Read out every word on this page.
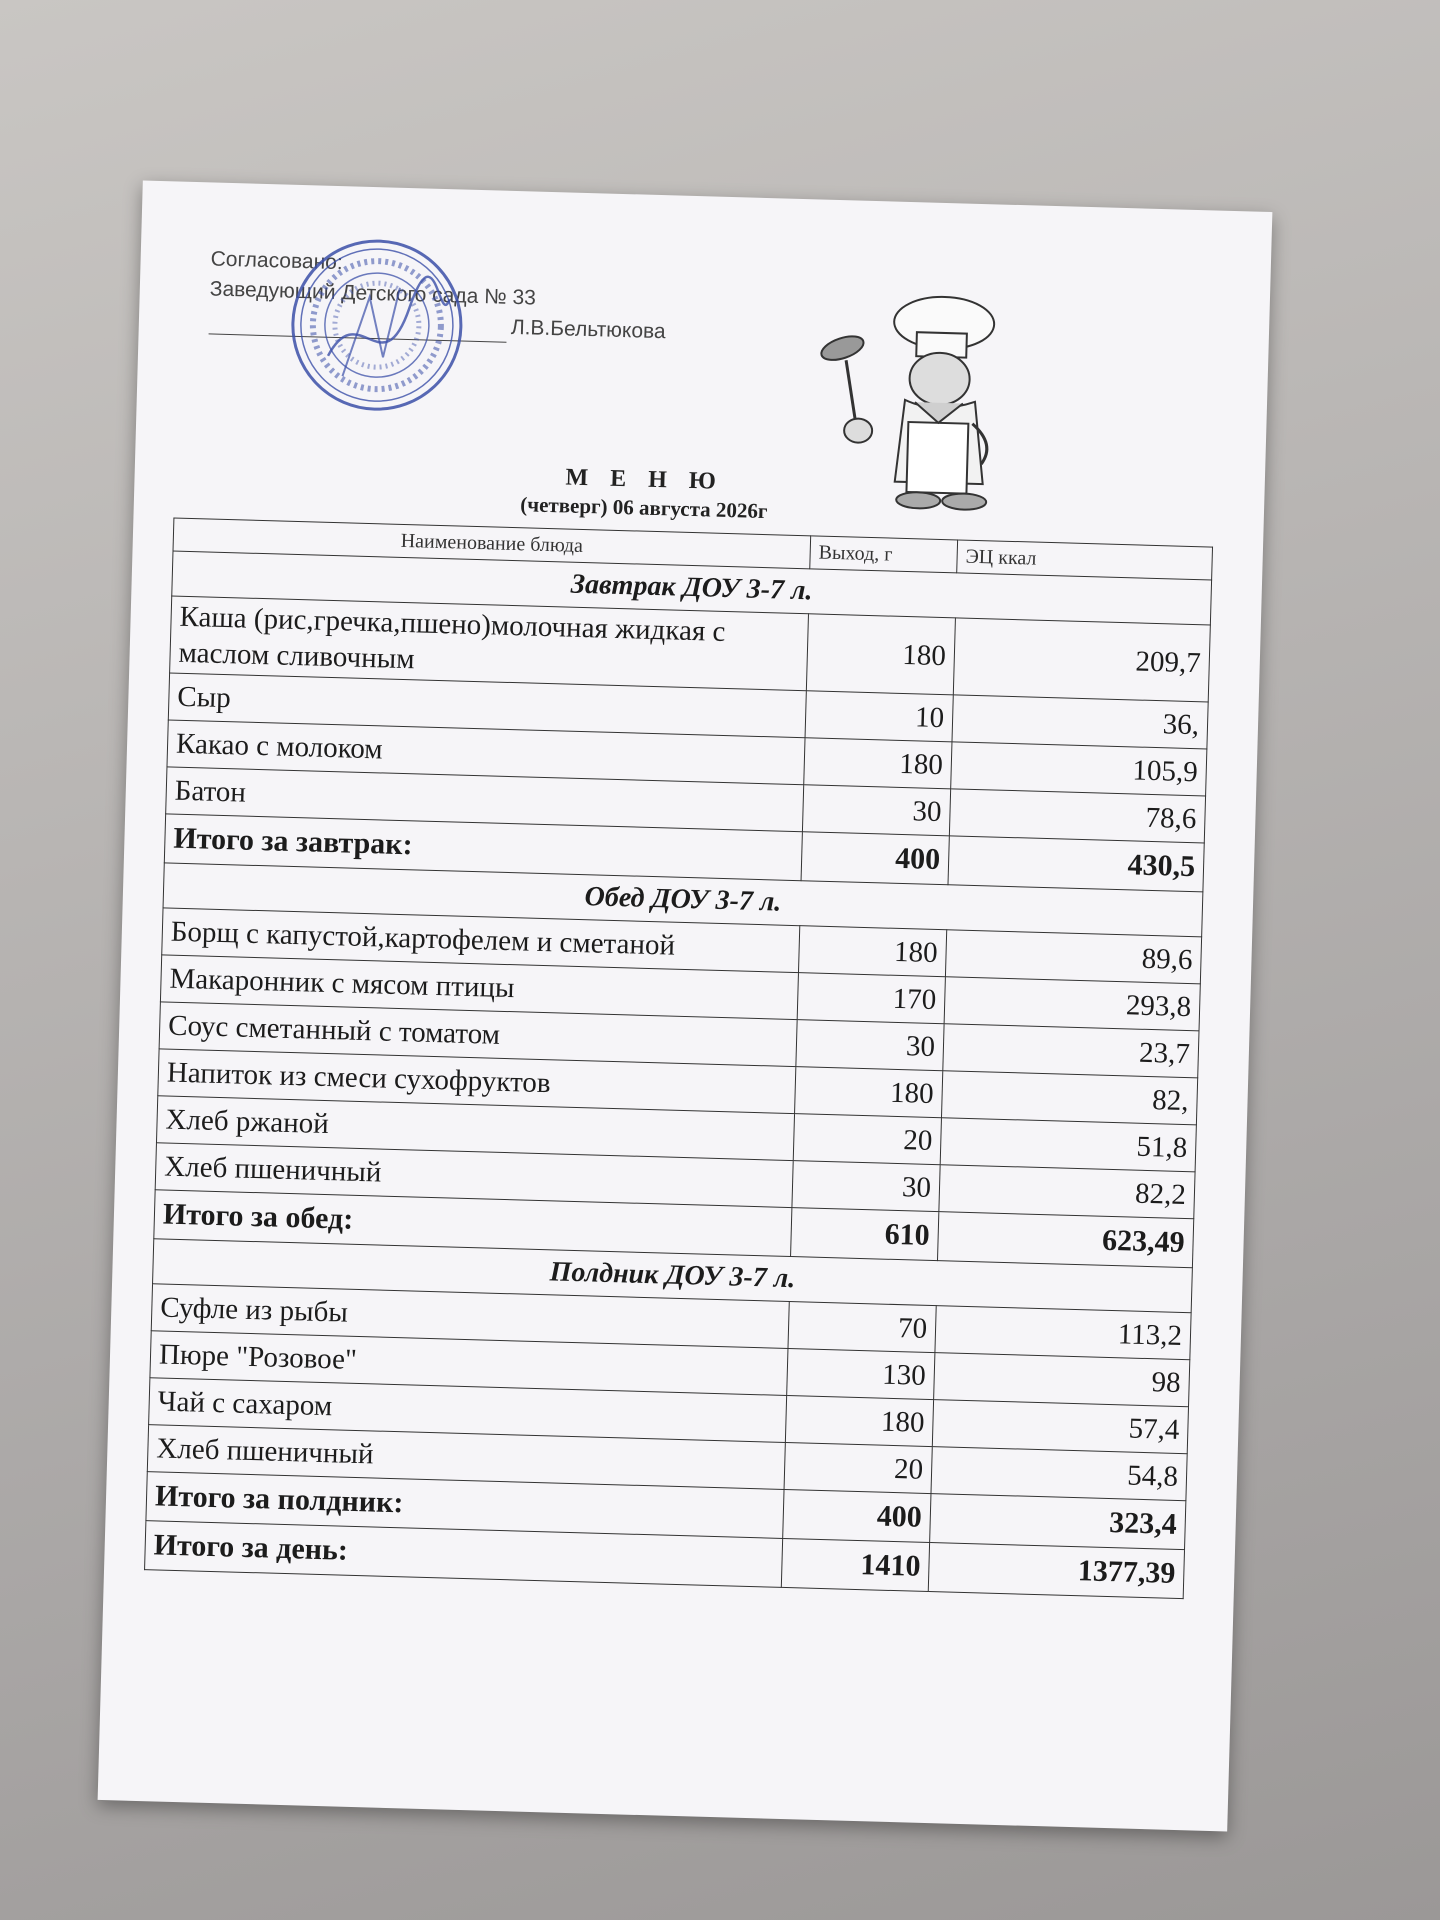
Согласовано:
Заведующий Детского сада № 33
Л.В.Бельтюкова
М Е Н Ю
(четверг) 06 августа 2026г
Наименование блюда	Выход, г	ЭЦ ккал
Завтрак ДОУ 3-7 л.		
Каша (рис,гречка,пшено)молочная жидкая с маслом сливочным	180	209,7
Сыр	10	36,
Какао с молоком	180	105,9
Батон	30	78,6
Итого за завтрак:	400	430,5
Обед ДОУ 3-7 л.		
Борщ с капустой,картофелем и сметаной	180	89,6
Макаронник с мясом птицы	170	293,8
Соус сметанный с томатом	30	23,7
Напиток из смеси сухофруктов	180	82,
Хлеб ржаной	20	51,8
Хлеб пшеничный	30	82,2
Итого за обед:	610	623,49
Полдник ДОУ 3-7 л.		
Суфле из рыбы	70	113,2
Пюре "Розовое"	130	98
Чай с сахаром	180	57,4
Хлеб пшеничный	20	54,8
Итого за полдник:	400	323,4
Итого за день:	1410	1377,39
